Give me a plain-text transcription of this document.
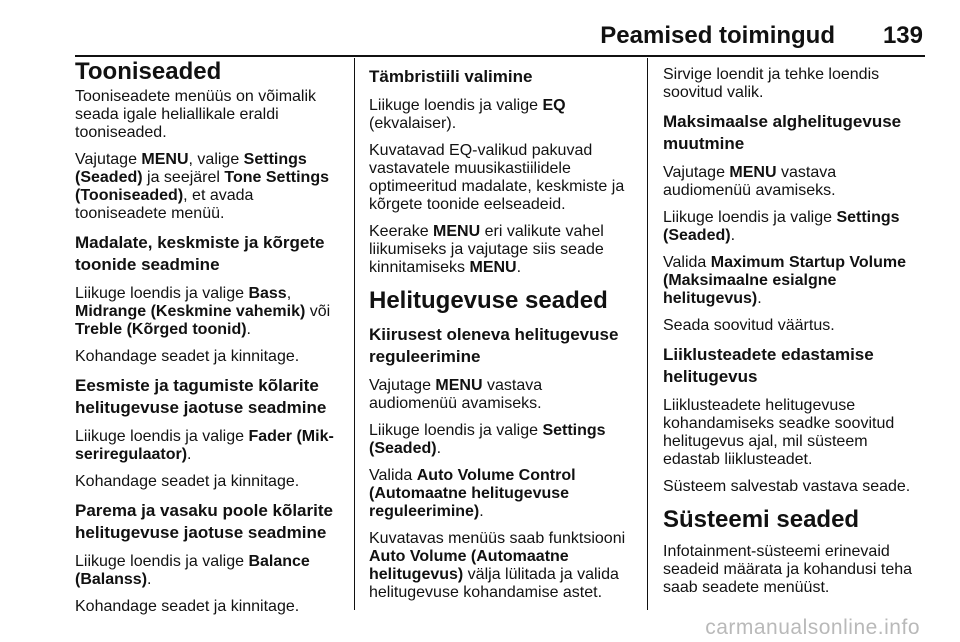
Peamised toimingud 139
Tooniseaded

Tooniseadete menüüs on võimalik seada igale heliallikale eraldi tooniseaded.

Vajutage MENU, valige Settings (Seaded) ja seejärel Tone Settings (Tooniseaded), et avada tooniseadete menüü.

Madalate, keskmiste ja kõrgete toonide seadmine

Liikuge loendis ja valige Bass, Midrange (Keskmine vahemik) või Treble (Kõrged toonid).

Kohandage seadet ja kinnitage.

Eesmiste ja tagumiste kõlarite helitugevuse jaotuse seadmine

Liikuge loendis ja valige Fader (Mikseriregulaator).

Kohandage seadet ja kinnitage.

Parema ja vasaku poole kõlarite helitugevuse jaotuse seadmine

Liikuge loendis ja valige Balance (Balanss).

Kohandage seadet ja kinnitage.

Tämbristiili valimine

Liikuge loendis ja valige EQ (ekvalaiser).

Kuvatavad EQ-valikud pakuvad vastavatele muusikastiilidele optimeeritud madalate, keskmiste ja kõrgete toonide eelseadeid.

Keerake MENU eri valikute vahel liikumiseks ja vajutage siis seade kinnitamiseks MENU.

Helitugevuse seaded
Kiirusest oleneva helitugevuse reguleerimine

Vajutage MENU vastava audiomenüü avamiseks.

Liikuge loendis ja valige Settings (Seaded).

Valida Auto Volume Control (Automaatne helitugevuse reguleerimine).

Kuvatavas menüüs saab funktsiooni Auto Volume (Automaatne helitugevus) välja lülitada ja valida helitugevuse kohandamise astet.

Sirvige loendit ja tehke loendis soovitud valik.

Maksimaalse alghelitugevuse muutmine

Vajutage MENU vastava audiomenüü avamiseks.

Liikuge loendis ja valige Settings (Seaded).

Valida Maximum Startup Volume (Maksimaalne esialgne helitugevus).

Seada soovitud väärtus.

Liiklusteadete edastamise helitugevus

Liiklusteadete helitugevuse kohandamiseks seadke soovitud helitugevus ajal, mil süsteem edastab liiklusteadet.

Süsteem salvestab vastava seade.

Süsteemi seaded

Infotainment-süsteemi erinevaid seadeid määrata ja kohandusi teha saab seadete menüüst.

carmanualsonline.info
